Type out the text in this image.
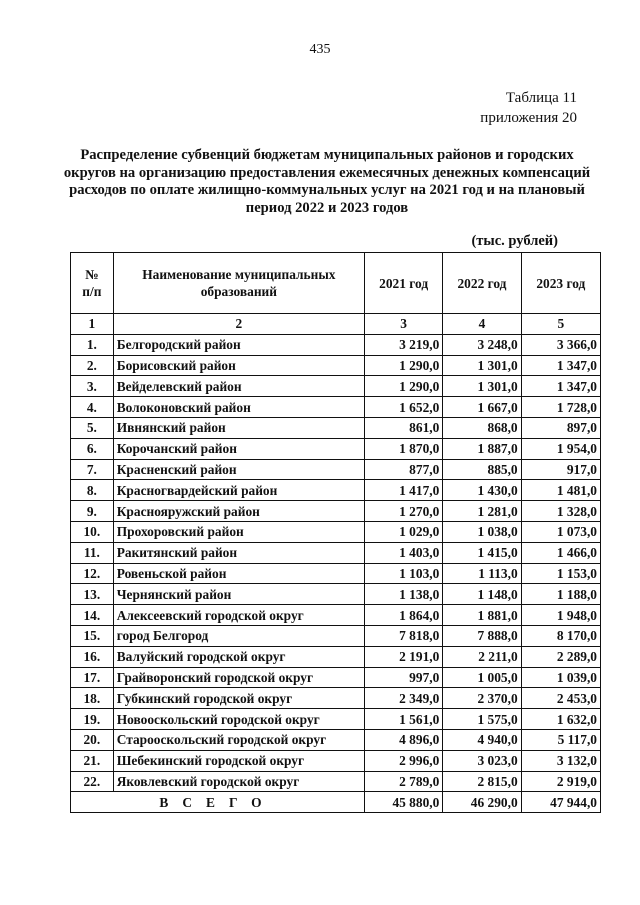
435
Таблица 11
приложения 20
Распределение субвенций бюджетам муниципальных районов и городских округов на организацию предоставления ежемесячных денежных компенсаций расходов по оплате жилищно-коммунальных услуг на 2021 год и на плановый период 2022 и 2023 годов
(тыс. рублей)
№ п/п	Наименование муниципальных образований	2021 год	2022 год	2023 год
1	2	3	4	5
1.	Белгородский район	3 219,0	3 248,0	3 366,0
2.	Борисовский район	1 290,0	1 301,0	1 347,0
3.	Вейделевский район	1 290,0	1 301,0	1 347,0
4.	Волоконовский район	1 652,0	1 667,0	1 728,0
5.	Ивнянский район	861,0	868,0	897,0
6.	Корочанский район	1 870,0	1 887,0	1 954,0
7.	Красненский район	877,0	885,0	917,0
8.	Красногвардейский район	1 417,0	1 430,0	1 481,0
9.	Краснояружский район	1 270,0	1 281,0	1 328,0
10.	Прохоровский район	1 029,0	1 038,0	1 073,0
11.	Ракитянский район	1 403,0	1 415,0	1 466,0
12.	Ровеньской район	1 103,0	1 113,0	1 153,0
13.	Чернянский район	1 138,0	1 148,0	1 188,0
14.	Алексеевский городской округ	1 864,0	1 881,0	1 948,0
15.	город Белгород	7 818,0	7 888,0	8 170,0
16.	Валуйский городской округ	2 191,0	2 211,0	2 289,0
17.	Грайворонский городской округ	997,0	1 005,0	1 039,0
18.	Губкинский городской округ	2 349,0	2 370,0	2 453,0
19.	Новооскольский городской округ	1 561,0	1 575,0	1 632,0
20.	Старооскольский городской округ	4 896,0	4 940,0	5 117,0
21.	Шебекинский городской округ	2 996,0	3 023,0	3 132,0
22.	Яковлевский городской округ	2 789,0	2 815,0	2 919,0
ВСЕГО		45 880,0	46 290,0	47 944,0
